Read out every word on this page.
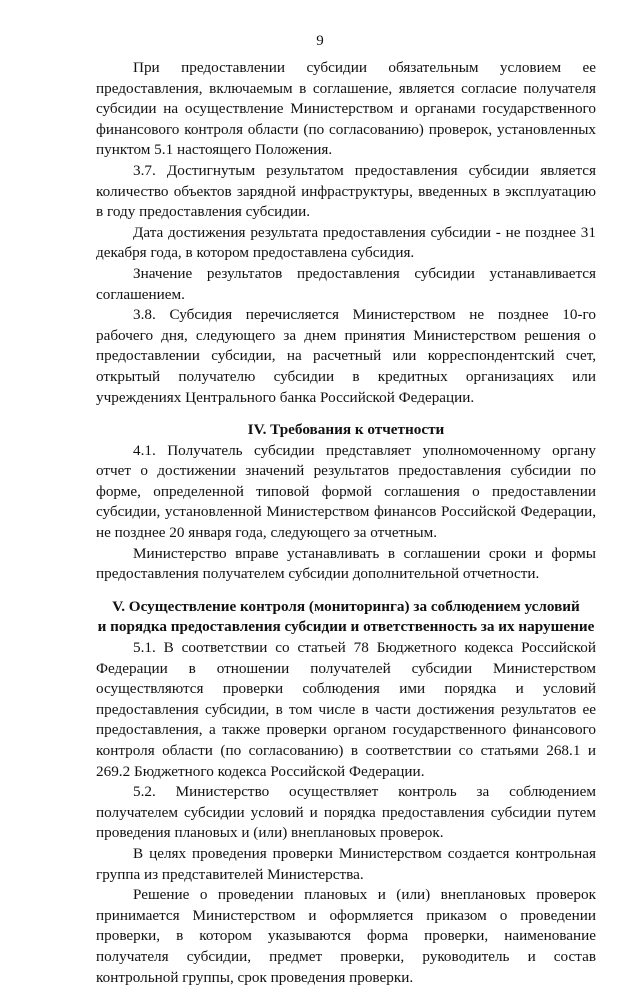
9

При предоставлении субсидии обязательным условием ее предоставления, включаемым в соглашение, является согласие получателя субсидии на осуществление Министерством и органами государственного финансового контроля области (по согласованию) проверок, установленных пунктом 5.1 настоящего Положения.

3.7. Достигнутым результатом предоставления субсидии является количество объектов зарядной инфраструктуры, введенных в эксплуатацию в году предоставления субсидии.

Дата достижения результата предоставления субсидии - не позднее 31 декабря года, в котором предоставлена субсидия.

Значение результатов предоставления субсидии устанавливается соглашением.

3.8. Субсидия перечисляется Министерством не позднее 10-го рабочего дня, следующего за днем принятия Министерством решения о предоставлении субсидии, на расчетный или корреспондентский счет, открытый получателю субсидии в кредитных организациях или учреждениях Центрального банка Российской Федерации.

IV. Требования к отчетности

4.1. Получатель субсидии представляет уполномоченному органу отчет о достижении значений результатов предоставления субсидии по форме, определенной типовой формой соглашения о предоставлении субсидии, установленной Министерством финансов Российской Федерации, не позднее 20 января года, следующего за отчетным.

Министерство вправе устанавливать в соглашении сроки и формы предоставления получателем субсидии дополнительной отчетности.

V. Осуществление контроля (мониторинга) за соблюдением условий
и порядка предоставления субсидии и ответственность за их нарушение

5.1. В соответствии со статьей 78 Бюджетного кодекса Российской Федерации в отношении получателей субсидии Министерством осуществляются проверки соблюдения ими порядка и условий предоставления субсидии, в том числе в части достижения результатов ее предоставления, а также проверки органом государственного финансового контроля области (по согласованию) в соответствии со статьями 268.1 и 269.2 Бюджетного кодекса Российской Федерации.

5.2. Министерство осуществляет контроль за соблюдением получателем субсидии условий и порядка предоставления субсидии путем проведения плановых и (или) внеплановых проверок.

В целях проведения проверки Министерством создается контрольная группа из представителей Министерства.

Решение о проведении плановых и (или) внеплановых проверок принимается Министерством и оформляется приказом о проведении проверки, в котором указываются форма проверки, наименование получателя субсидии, предмет проверки, руководитель и состав контрольной группы, срок проведения проверки.
